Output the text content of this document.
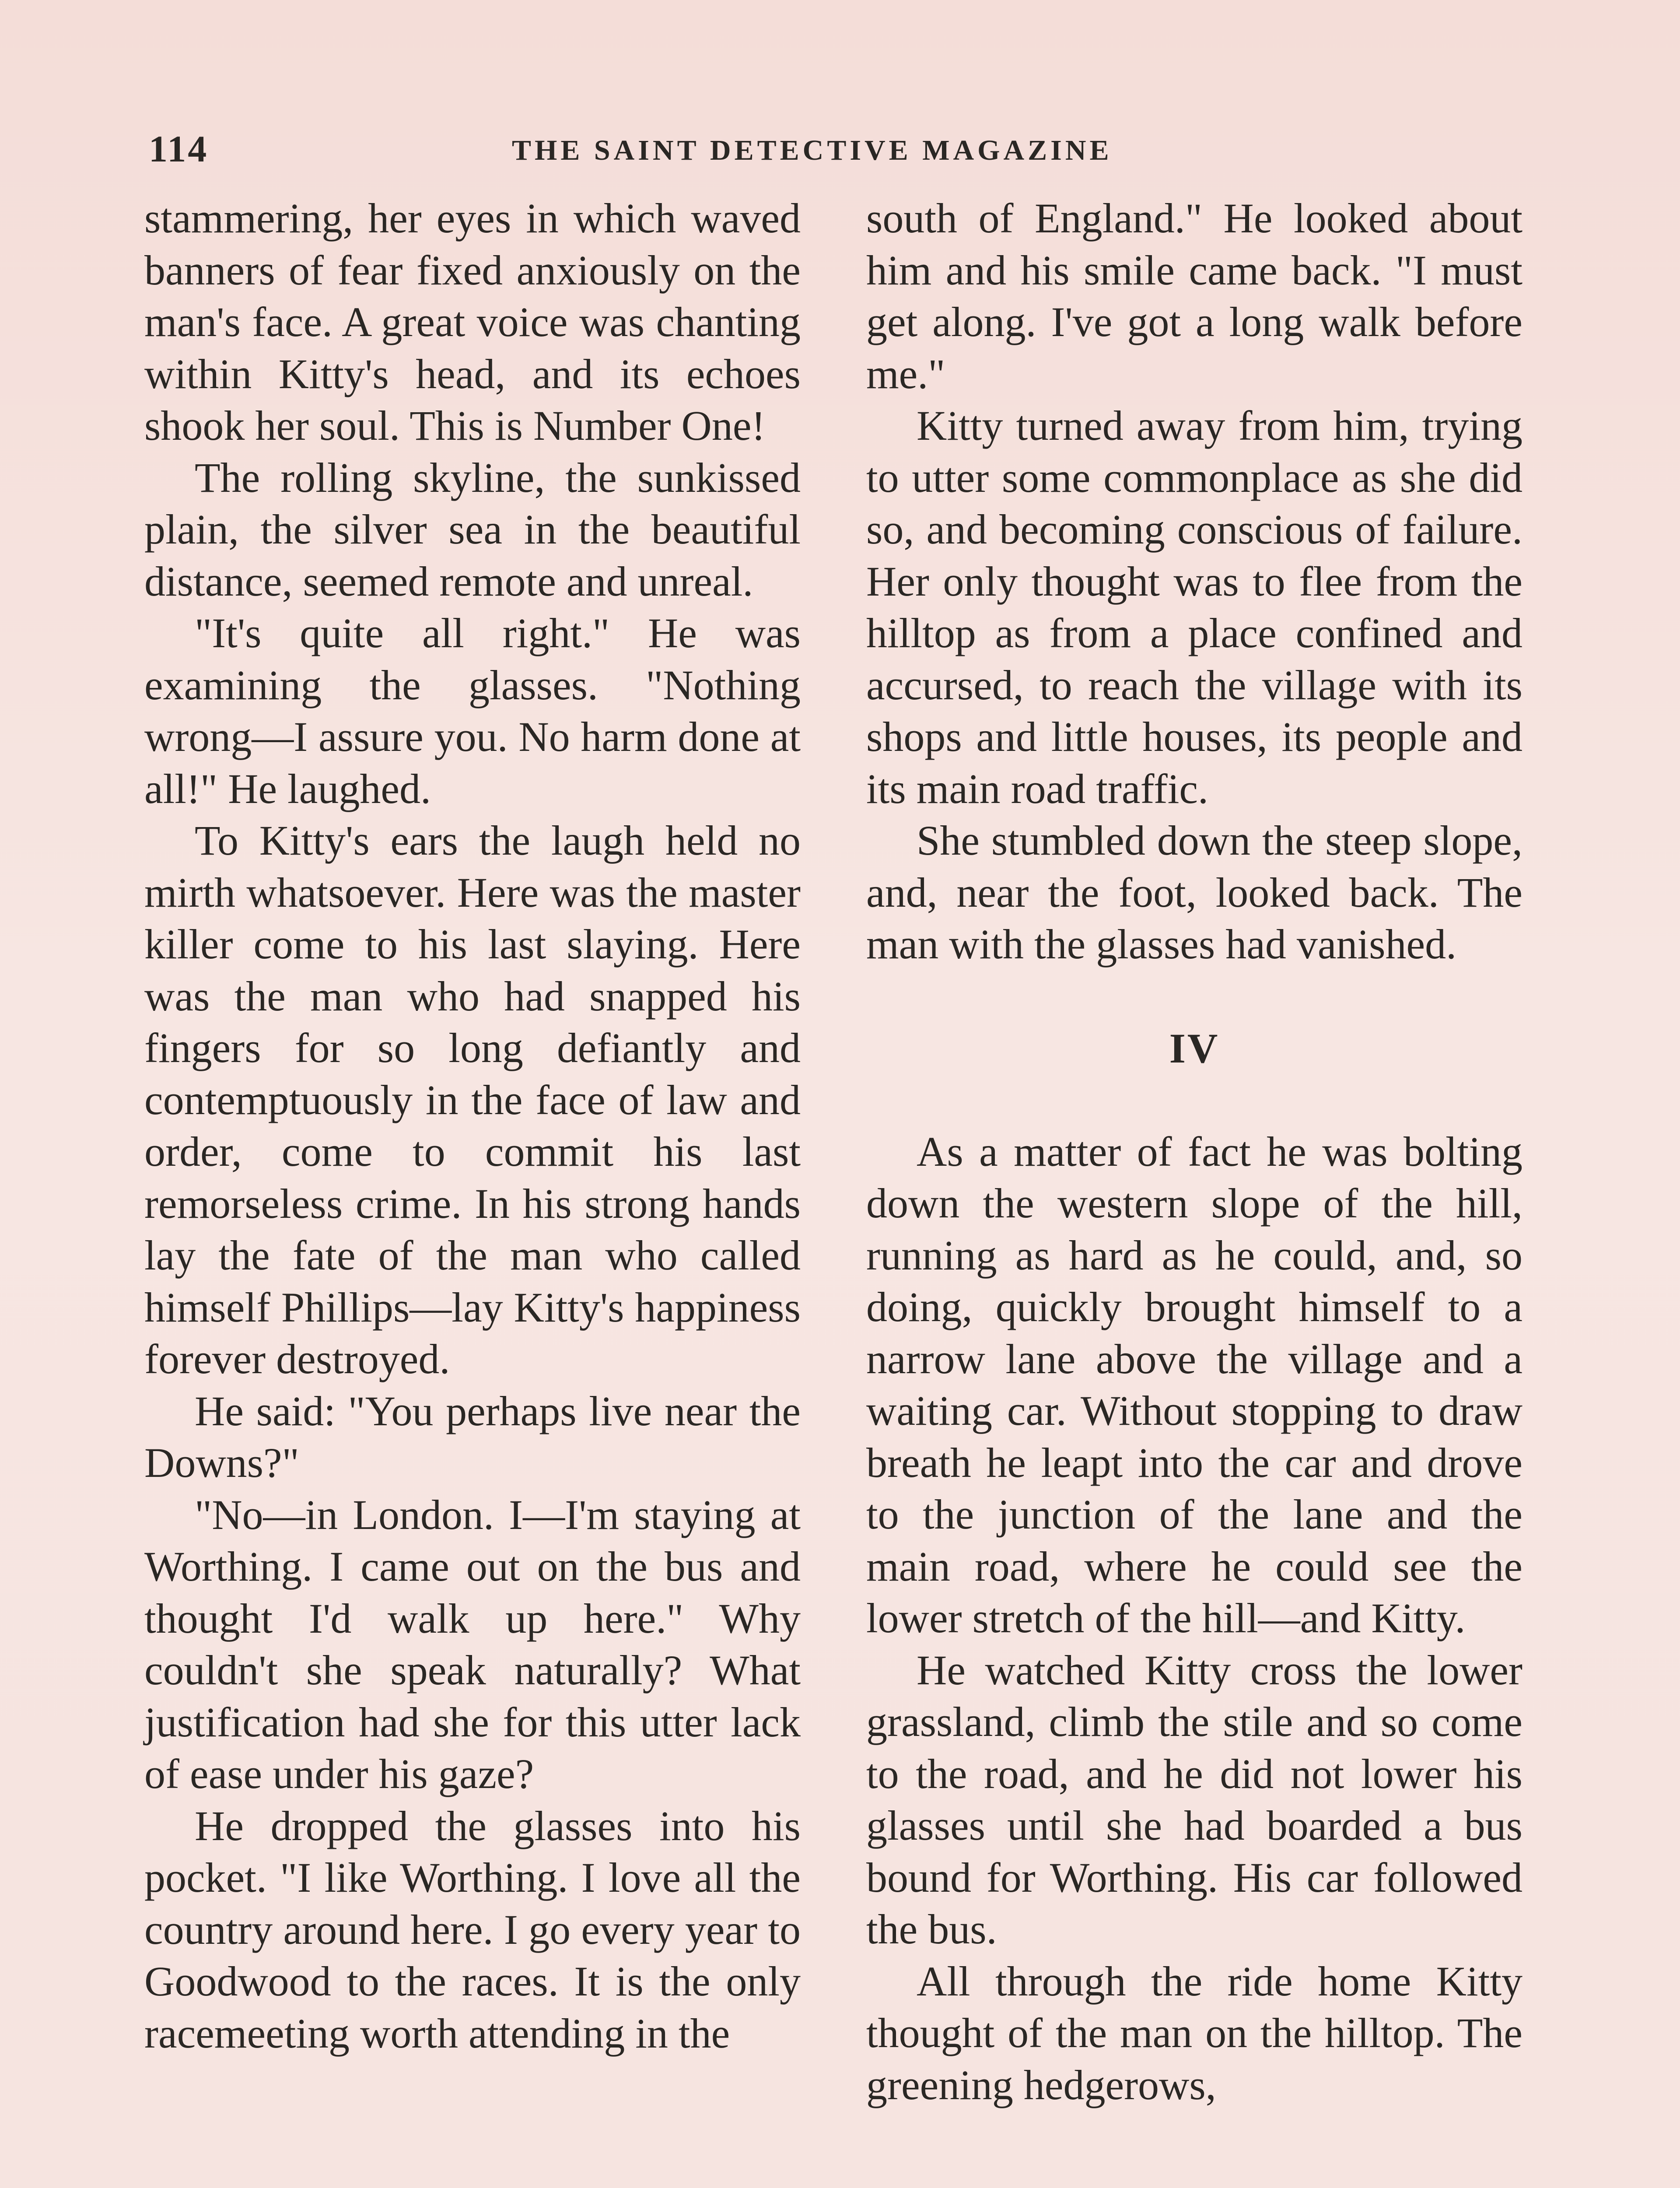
114	THE SAINT DETECTIVE MAGAZINE

stammering, her eyes in which waved banners of fear fixed anxiously on the man's face. A great voice was chanting within Kitty's head, and its echoes shook her soul. This is Number One!

The rolling skyline, the sunkissed plain, the silver sea in the beautiful distance, seemed remote and unreal.

"It's quite all right." He was examining the glasses. "Nothing wrong—I assure you. No harm done at all!" He laughed.

To Kitty's ears the laugh held no mirth whatsoever. Here was the master killer come to his last slaying. Here was the man who had snapped his fingers for so long defiantly and contemptuously in the face of law and order, come to commit his last remorseless crime. In his strong hands lay the fate of the man who called himself Phillips—lay Kitty's happiness forever destroyed.

He said: "You perhaps live near the Downs?"

"No—in London. I—I'm staying at Worthing. I came out on the bus and thought I'd walk up here." Why couldn't she speak naturally? What justification had she for this utter lack of ease under his gaze?

He dropped the glasses into his pocket. "I like Worthing. I love all the country around here. I go every year to Goodwood to the races. It is the only racemeeting worth attending in the

south of England." He looked about him and his smile came back. "I must get along. I've got a long walk before me."

Kitty turned away from him, trying to utter some commonplace as she did so, and becoming conscious of failure. Her only thought was to flee from the hilltop as from a place confined and accursed, to reach the village with its shops and little houses, its people and its main road traffic.

She stumbled down the steep slope, and, near the foot, looked back. The man with the glasses had vanished.

IV

As a matter of fact he was bolting down the western slope of the hill, running as hard as he could, and, so doing, quickly brought himself to a narrow lane above the village and a waiting car. Without stopping to draw breath he leapt into the car and drove to the junction of the lane and the main road, where he could see the lower stretch of the hill—and Kitty.

He watched Kitty cross the lower grassland, climb the stile and so come to the road, and he did not lower his glasses until she had boarded a bus bound for Worthing. His car followed the bus.

All through the ride home Kitty thought of the man on the hilltop. The greening hedgerows,
